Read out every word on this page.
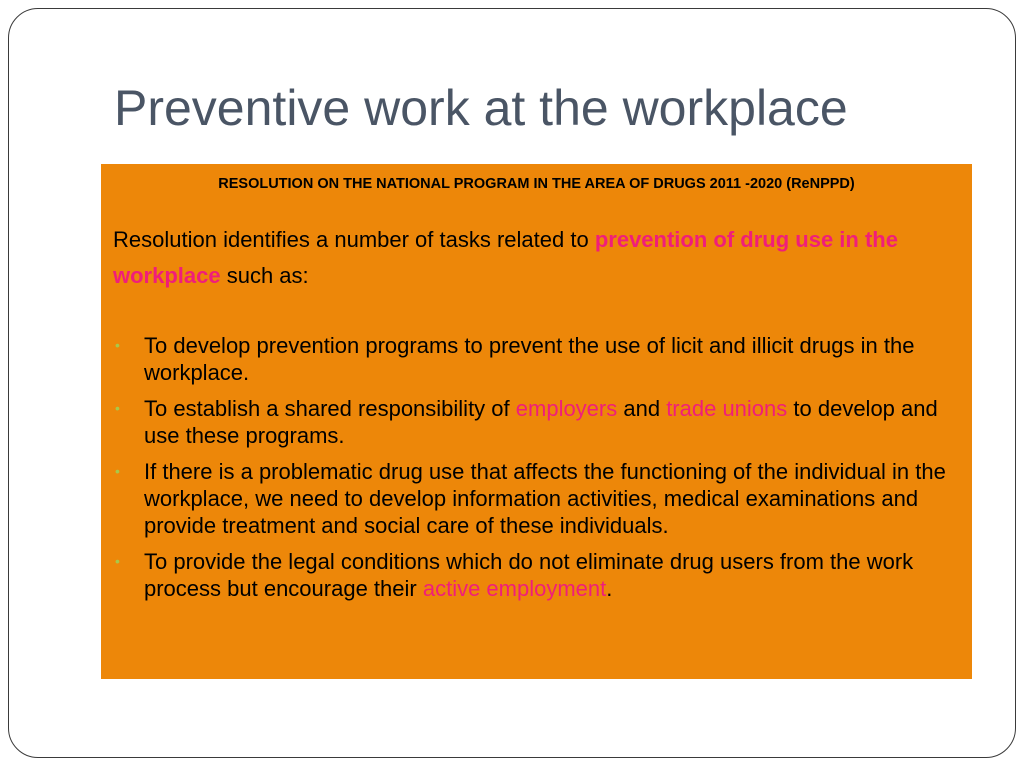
Preventive work at the workplace
RESOLUTION ON THE NATIONAL PROGRAM IN THE AREA OF DRUGS 2011 -2020 (ReNPPD)

Resolution identifies a number of tasks related to prevention of drug use in the workplace such as:

• To develop prevention programs to prevent the use of licit and illicit drugs in the workplace.
• To establish a shared responsibility of employers and trade unions to develop and use these programs.
• If there is a problematic drug use that affects the functioning of the individual in the workplace, we need to develop information activities, medical examinations and provide treatment and social care of these individuals.
• To provide the legal conditions which do not eliminate drug users from the work process but encourage their active employment.
